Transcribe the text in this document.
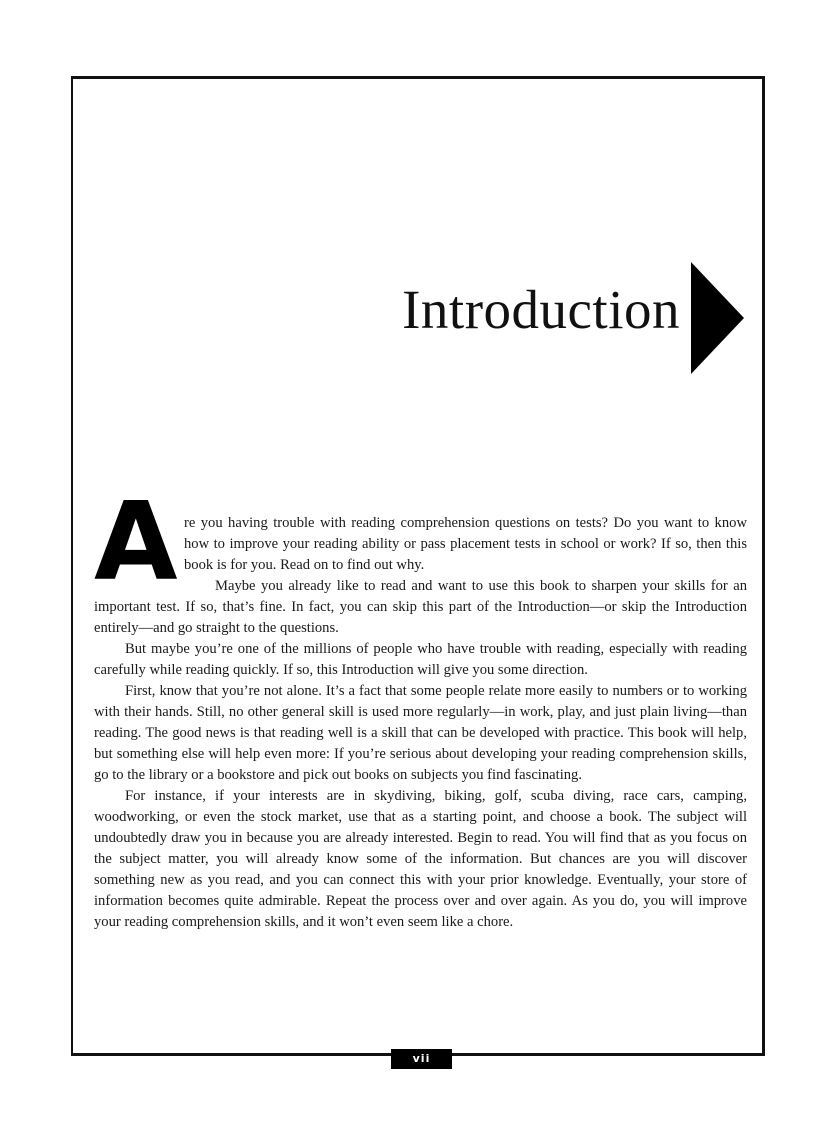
Introduction

A re you having trouble with reading comprehension questions on tests? Do you want to know how to improve your reading ability or pass placement tests in school or work? If so, then this book is for you. Read on to find out why.

Maybe you already like to read and want to use this book to sharpen your skills for an important test. If so, that’s fine. In fact, you can skip this part of the Introduction—or skip the Introduction entirely—and go straight to the questions.

But maybe you’re one of the millions of people who have trouble with reading, especially with reading carefully while reading quickly. If so, this Introduction will give you some direction.

First, know that you’re not alone. It’s a fact that some people relate more easily to numbers or to working with their hands. Still, no other general skill is used more regularly—in work, play, and just plain living—than reading. The good news is that reading well is a skill that can be developed with practice. This book will help, but something else will help even more: If you’re serious about developing your reading comprehension skills, go to the library or a bookstore and pick out books on subjects you find fascinating.

For instance, if your interests are in skydiving, biking, golf, scuba diving, race cars, camping, woodworking, or even the stock market, use that as a starting point, and choose a book. The subject will undoubtedly draw you in because you are already interested. Begin to read. You will find that as you focus on the subject matter, you will already know some of the information. But chances are you will discover something new as you read, and you can connect this with your prior knowledge. Eventually, your store of information becomes quite admirable. Repeat the process over and over again. As you do, you will improve your reading comprehension skills, and it won’t even seem like a chore.

vii
